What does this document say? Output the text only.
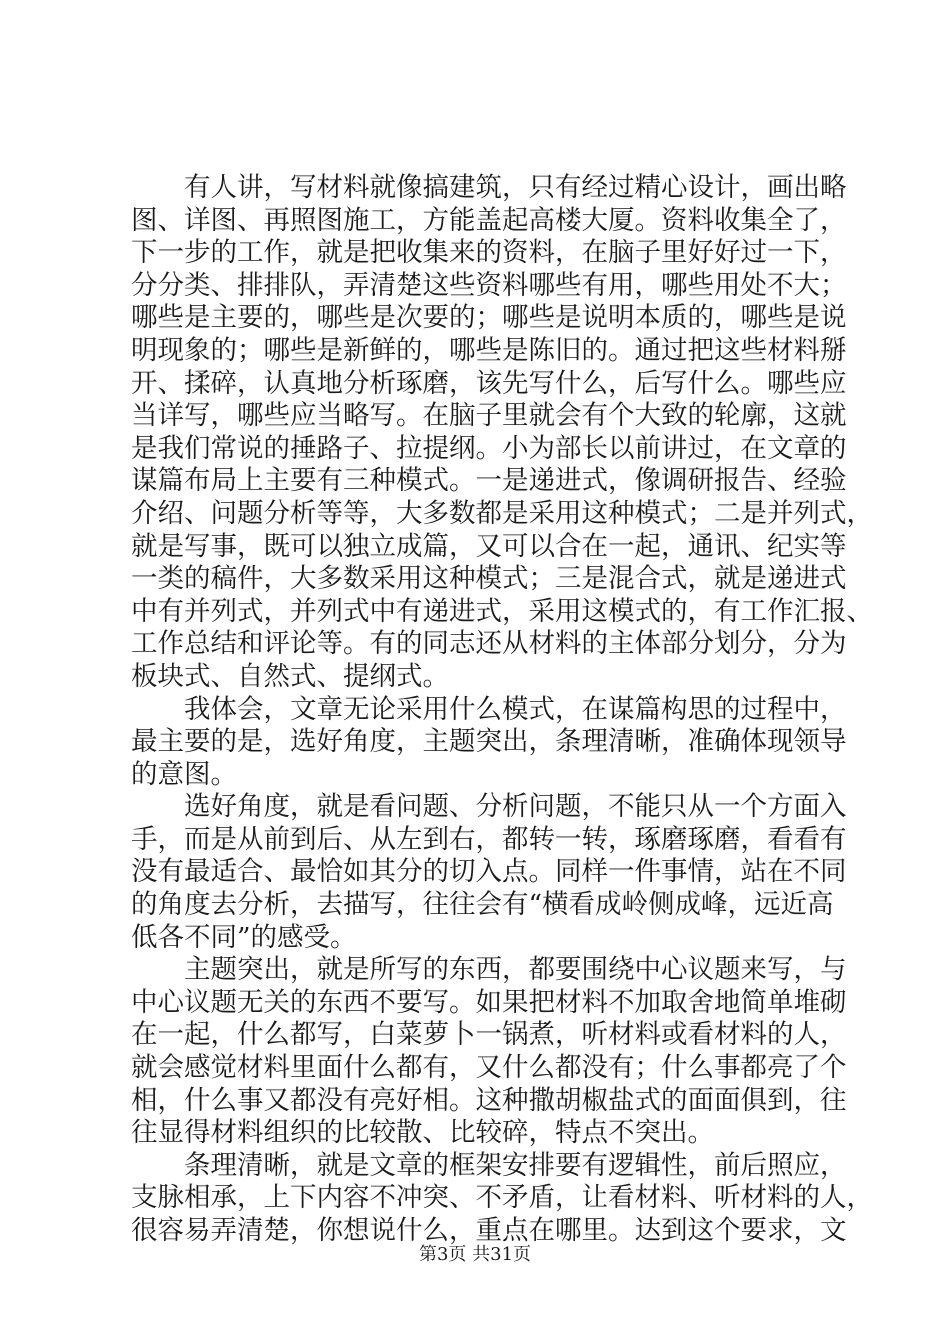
　　有人讲，写材料就像搞建筑，只有经过精心设计，画出略
图、详图、再照图施工，方能盖起高楼大厦。资料收集全了，
下一步的工作，就是把收集来的资料，在脑子里好好过一下，
分分类、排排队，弄清楚这些资料哪些有用，哪些用处不大；
哪些是主要的，哪些是次要的；哪些是说明本质的，哪些是说
明现象的；哪些是新鲜的，哪些是陈旧的。通过把这些材料掰
开、揉碎，认真地分析琢磨，该先写什么，后写什么。哪些应
当详写，哪些应当略写。在脑子里就会有个大致的轮廓，这就
是我们常说的捶路子、拉提纲。小为部长以前讲过，在文章的
谋篇布局上主要有三种模式。一是递进式，像调研报告、经验
介绍、问题分析等等，大多数都是采用这种模式；二是并列式，
就是写事，既可以独立成篇，又可以合在一起，通讯、纪实等
一类的稿件，大多数采用这种模式；三是混合式，就是递进式
中有并列式，并列式中有递进式，采用这模式的，有工作汇报、
工作总结和评论等。有的同志还从材料的主体部分划分，分为
板块式、自然式、提纲式。
　　我体会，文章无论采用什么模式，在谋篇构思的过程中，
最主要的是，选好角度，主题突出，条理清晰，准确体现领导
的意图。
　　选好角度，就是看问题、分析问题，不能只从一个方面入
手，而是从前到后、从左到右，都转一转，琢磨琢磨，看看有
没有最适合、最恰如其分的切入点。同样一件事情，站在不同
的角度去分析，去描写，往往会有“横看成岭侧成峰，远近高
低各不同”的感受。
　　主题突出，就是所写的东西，都要围绕中心议题来写，与
中心议题无关的东西不要写。如果把材料不加取舍地简单堆砌
在一起，什么都写，白菜萝卜一锅煮，听材料或看材料的人，
就会感觉材料里面什么都有，又什么都没有；什么事都亮了个
相，什么事又都没有亮好相。这种撒胡椒盐式的面面俱到，往
往显得材料组织的比较散、比较碎，特点不突出。
　　条理清晰，就是文章的框架安排要有逻辑性，前后照应，
支脉相承，上下内容不冲突、不矛盾，让看材料、听材料的人，
很容易弄清楚，你想说什么，重点在哪里。达到这个要求，文
第3页 共31页
